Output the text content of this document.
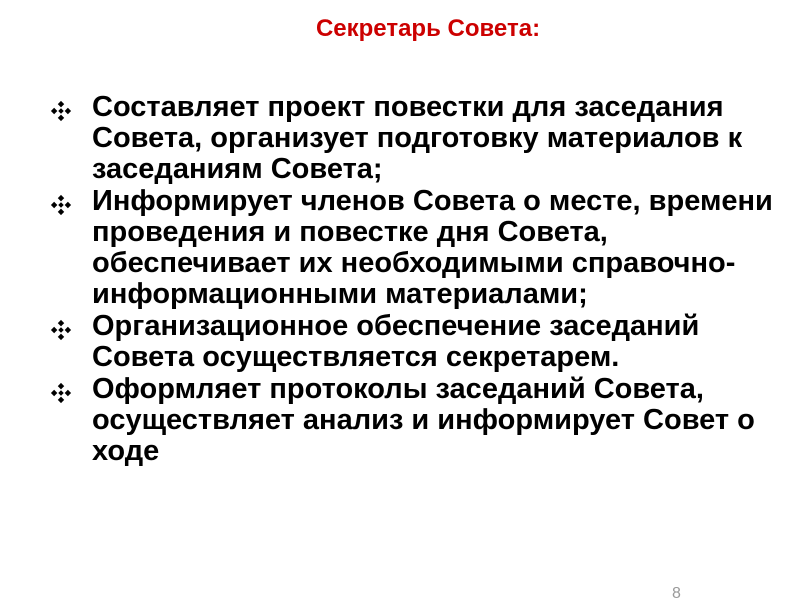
Секретарь Совета:
Составляет проект повестки для заседания Совета, организует подготовку материалов к заседаниям Совета;
Информирует членов Совета о месте, времени проведения и повестке дня Совета, обеспечивает их необходимыми справочно-информационными материалами;
Организационное обеспечение заседаний Совета осуществляется секретарем.
Оформляет протоколы заседаний Совета, осуществляет анализ и информирует Совет о ходе
8
